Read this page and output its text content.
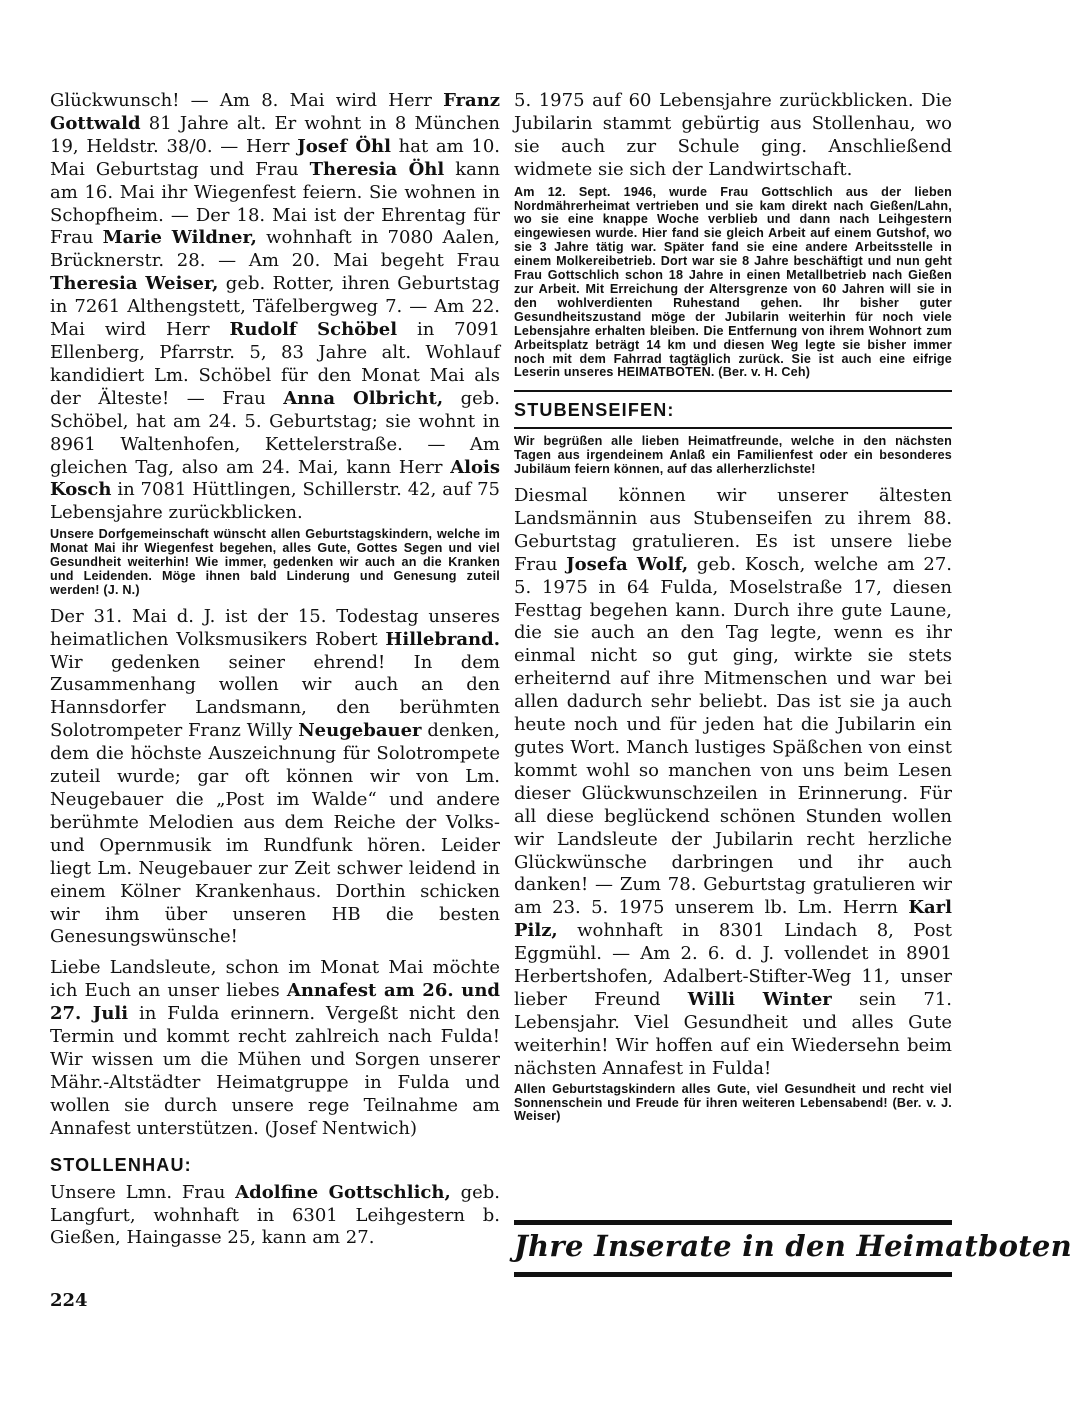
Glückwunsch! — Am 8. Mai wird Herr Franz Gottwald 81 Jahre alt. Er wohnt in 8 München 19, Heldstr. 38/0. — Herr Josef Öhl hat am 10. Mai Geburtstag und Frau Theresia Öhl kann am 16. Mai ihr Wiegenfest feiern. Sie wohnen in Schopfheim. — Der 18. Mai ist der Ehrentag für Frau Marie Wildner, wohnhaft in 7080 Aalen, Brücknerstr. 28. — Am 20. Mai begeht Frau Theresia Weiser, geb. Rotter, ihren Geburtstag in 7261 Althengstett, Täfelbergweg 7. — Am 22. Mai wird Herr Rudolf Schöbel in 7091 Ellenberg, Pfarrstr. 5, 83 Jahre alt. Wohlauf kandidiert Lm. Schöbel für den Monat Mai als der Älteste! — Frau Anna Olbricht, geb. Schöbel, hat am 24. 5. Geburtstag; sie wohnt in 8961 Waltenhofen, Kettelerstraße. — Am gleichen Tag, also am 24. Mai, kann Herr Alois Kosch in 7081 Hüttlingen, Schillerstr. 42, auf 75 Lebensjahre zurückblicken.

Unsere Dorfgemeinschaft wünscht allen Geburtstagskindern, welche im Monat Mai ihr Wiegenfest begehen, alles Gute, Gottes Segen und viel Gesundheit weiterhin! Wie immer, gedenken wir auch an die Kranken und Leidenden. Möge ihnen bald Linderung und Genesung zuteil werden! (J. N.)

Der 31. Mai d. J. ist der 15. Todestag unseres heimatlichen Volksmusikers Robert Hillebrand. Wir gedenken seiner ehrend! In dem Zusammenhang wollen wir auch an den Hannsdorfer Landsmann, den berühmten Solotrompeter Franz Willy Neugebauer denken, dem die höchste Auszeichnung für Solotrompete zuteil wurde; gar oft können wir von Lm. Neugebauer die „Post im Walde“ und andere berühmte Melodien aus dem Reiche der Volks- und Opernmusik im Rundfunk hören. Leider liegt Lm. Neugebauer zur Zeit schwer leidend in einem Kölner Krankenhaus. Dorthin schicken wir ihm über unseren HB die besten Genesungswünsche!

Liebe Landsleute, schon im Monat Mai möchte ich Euch an unser liebes Annafest am 26. und 27. Juli in Fulda erinnern. Vergeßt nicht den Termin und kommt recht zahlreich nach Fulda! Wir wissen um die Mühen und Sorgen unserer Mähr.-Altstädter Heimatgruppe in Fulda und wollen sie durch unsere rege Teilnahme am Annafest unterstützen. (Josef Nentwich)

STOLLENHAU:

Unsere Lmn. Frau Adolfine Gottschlich, geb. Langfurt, wohnhaft in 6301 Leihgestern b. Gießen, Haingasse 25, kann am 27.

5. 1975 auf 60 Lebensjahre zurückblicken. Die Jubilarin stammt gebürtig aus Stollenhau, wo sie auch zur Schule ging. Anschließend widmete sie sich der Landwirtschaft.

Am 12. Sept. 1946, wurde Frau Gottschlich aus der lieben Nordmährerheimat vertrieben und sie kam direkt nach Gießen/Lahn, wo sie eine knappe Woche verblieb und dann nach Leihgestern eingewiesen wurde. Hier fand sie gleich Arbeit auf einem Gutshof, wo sie 3 Jahre tätig war. Später fand sie eine andere Arbeitsstelle in einem Molkereibetrieb. Dort war sie 8 Jahre beschäftigt und nun geht Frau Gottschlich schon 18 Jahre in einen Metallbetrieb nach Gießen zur Arbeit. Mit Erreichung der Altersgrenze von 60 Jahren will sie in den wohlverdienten Ruhestand gehen. Ihr bisher guter Gesundheitszustand möge der Jubilarin weiterhin für noch viele Lebensjahre erhalten bleiben. Die Entfernung von ihrem Wohnort zum Arbeitsplatz beträgt 14 km und diesen Weg legte sie bisher immer noch mit dem Fahrrad tagtäglich zurück. Sie ist auch eine eifrige Leserin unseres HEIMATBOTEN. (Ber. v. H. Ceh)

STUBENSEIFEN:

Wir begrüßen alle lieben Heimatfreunde, welche in den nächsten Tagen aus irgendeinem Anlaß ein Familienfest oder ein besonderes Jubiläum feiern können, auf das allerherzlichste!

Diesmal können wir unserer ältesten Landsmännin aus Stubenseifen zu ihrem 88. Geburtstag gratulieren. Es ist unsere liebe Frau Josefa Wolf, geb. Kosch, welche am 27. 5. 1975 in 64 Fulda, Moselstraße 17, diesen Festtag begehen kann. Durch ihre gute Laune, die sie auch an den Tag legte, wenn es ihr einmal nicht so gut ging, wirkte sie stets erheiternd auf ihre Mitmenschen und war bei allen dadurch sehr beliebt. Das ist sie ja auch heute noch und für jeden hat die Jubilarin ein gutes Wort. Manch lustiges Späßchen von einst kommt wohl so manchen von uns beim Lesen dieser Glückwunschzeilen in Erinnerung. Für all diese beglückend schönen Stunden wollen wir Landsleute der Jubilarin recht herzliche Glückwünsche darbringen und ihr auch danken! — Zum 78. Geburtstag gratulieren wir am 23. 5. 1975 unserem lb. Lm. Herrn Karl Pilz, wohnhaft in 8301 Lindach 8, Post Eggmühl. — Am 2. 6. d. J. vollendet in 8901 Herbertshofen, Adalbert-Stifter-Weg 11, unser lieber Freund Willi Winter sein 71. Lebensjahr. Viel Gesundheit und alles Gute weiterhin! Wir hoffen auf ein Wiedersehn beim nächsten Annafest in Fulda!

Allen Geburtstagskindern alles Gute, viel Gesundheit und recht viel Sonnenschein und Freude für ihren weiteren Lebensabend! (Ber. v. J. Weiser)

Jhre Inserate in den Heimatboten
224
